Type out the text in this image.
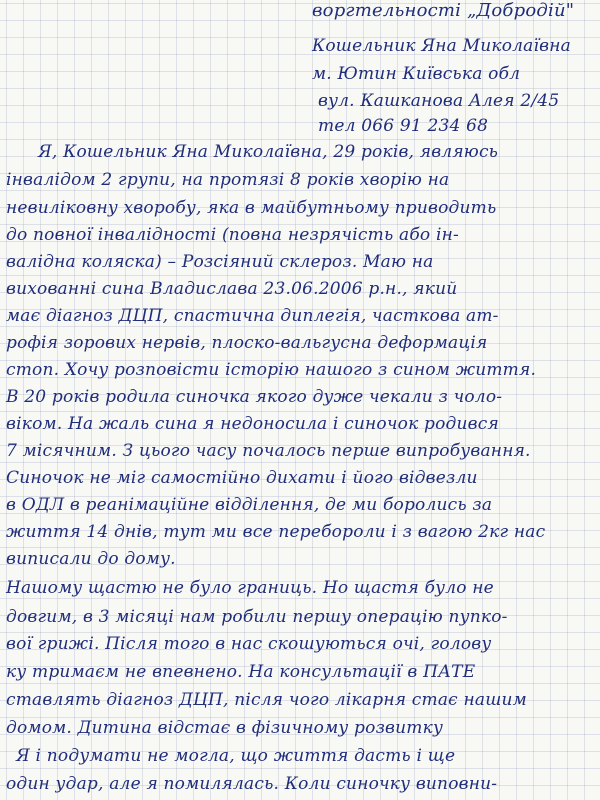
воргтельності „Добродій"
Кошельник Яна Миколаївна
м. Ютин Київська обл
вул. Кашканова Алея 2/45
тел 066 91 234 68
Я, Кошельник Яна Миколаївна, 29 років, являюсь
інвалідом 2 групи, на протязі 8 років хворію на
невиліковну хворобу, яка в майбутньому приводить
до повної інвалідності (повна незрячість або ін-
валідна коляска) – Розсіяний склероз. Маю на
вихованні сина Владислава 23.06.2006 р.н., який
має діагноз ДЦП, спастична диплегія, часткова ат-
рофія зорових нервів, плоско-вальгусна деформація
стоп. Хочу розповісти історію нашого з сином життя.
В 20 років родила синочка якого дуже чекали з чоло-
віком. На жаль сина я недоносила і синочок родився
7 місячним. З цього часу почалось перше випробування.
Синочок не міг самостійно дихати і його відвезли
в ОДЛ в реанімаційне відділення, де ми боролись за
життя 14 днів, тут ми все перебороли і з вагою 2кг нас
виписали до дому.
Нашому щастю не було границь. Но щастя було не
довгим, в 3 місяці нам робили першу операцію пупко-
вої грижі. Після того в нас скошуються очі, голову
ку тримаєм не впевнено. На консультації в ПАТЕ
ставлять діагноз ДЦП, після чого лікарня стає нашим
домом. Дитина відстає в фізичному розвитку
Я і подумати не могла, що життя дасть і ще
один удар, але я помилялась. Коли синочку виповни-
